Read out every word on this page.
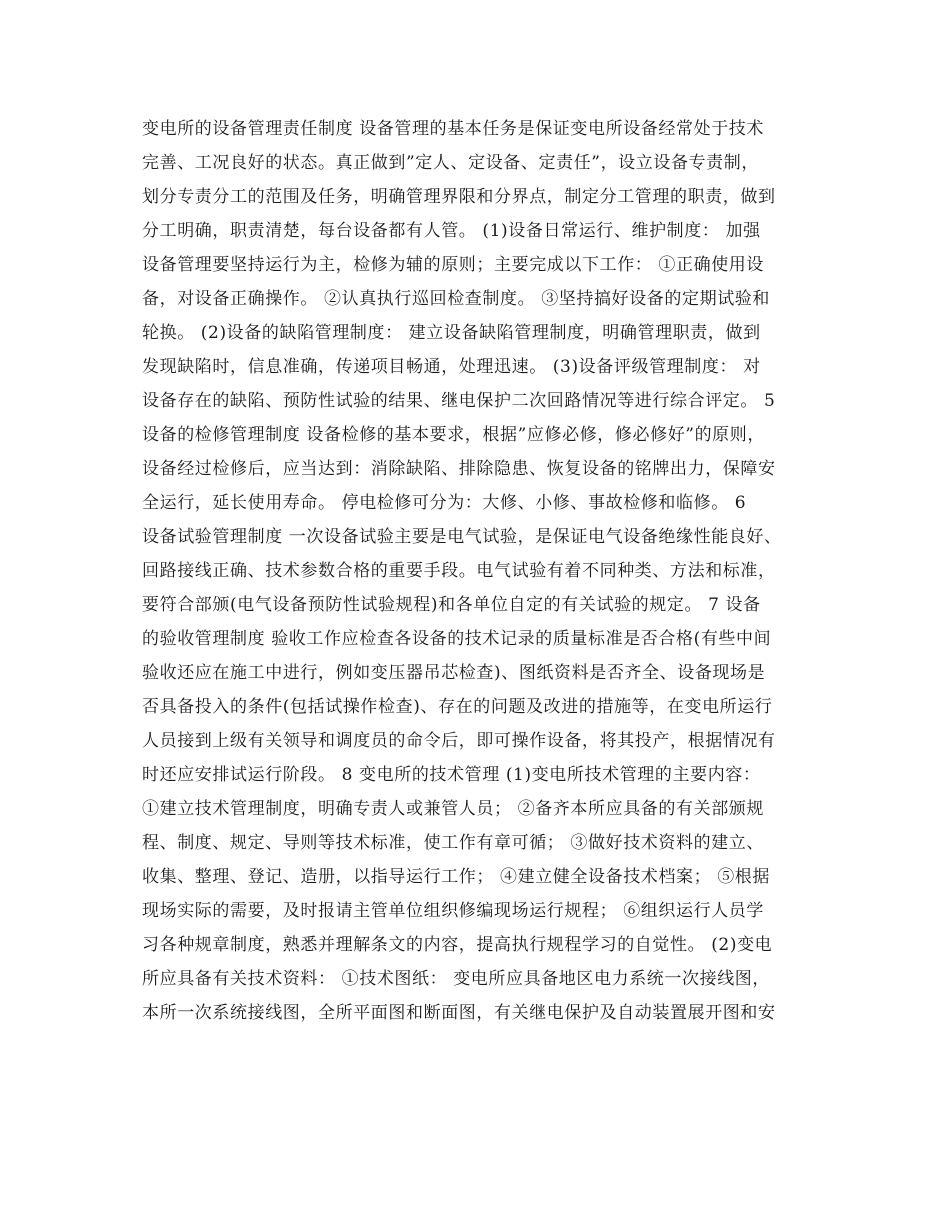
变电所的设备管理责任制度 设备管理的基本任务是保证变电所设备经常处于技术
完善、工况良好的状态。真正做到”定人、定设备、定责任”，设立设备专责制，
划分专责分工的范围及任务，明确管理界限和分界点，制定分工管理的职责，做到
分工明确，职责清楚，每台设备都有人管。 (1)设备日常运行、维护制度： 加强
设备管理要坚持运行为主，检修为辅的原则；主要完成以下工作： ①正确使用设
备，对设备正确操作。 ②认真执行巡回检查制度。 ③坚持搞好设备的定期试验和
轮换。 (2)设备的缺陷管理制度： 建立设备缺陷管理制度，明确管理职责，做到
发现缺陷时，信息准确，传递项目畅通，处理迅速。 (3)设备评级管理制度： 对
设备存在的缺陷、预防性试验的结果、继电保护二次回路情况等进行综合评定。 5
设备的检修管理制度 设备检修的基本要求，根据”应修必修，修必修好”的原则，
设备经过检修后，应当达到：消除缺陷、排除隐患、恢复设备的铭牌出力，保障安
全运行，延长使用寿命。 停电检修可分为：大修、小修、事故检修和临修。 6
设备试验管理制度 一次设备试验主要是电气试验，是保证电气设备绝缘性能良好、
回路接线正确、技术参数合格的重要手段。电气试验有着不同种类、方法和标准，
要符合部颁(电气设备预防性试验规程)和各单位自定的有关试验的规定。 7 设备
的验收管理制度 验收工作应检查各设备的技术记录的质量标准是否合格(有些中间
验收还应在施工中进行，例如变压器吊芯检查)、图纸资料是否齐全、设备现场是
否具备投入的条件(包括试操作检查)、存在的问题及改进的措施等，在变电所运行
人员接到上级有关领导和调度员的命令后，即可操作设备，将其投产，根据情况有
时还应安排试运行阶段。 8 变电所的技术管理 (1)变电所技术管理的主要内容：
①建立技术管理制度，明确专责人或兼管人员； ②备齐本所应具备的有关部颁规
程、制度、规定、导则等技术标准，使工作有章可循； ③做好技术资料的建立、
收集、整理、登记、造册，以指导运行工作； ④建立健全设备技术档案； ⑤根据
现场实际的需要，及时报请主管单位组织修编现场运行规程； ⑥组织运行人员学
习各种规章制度，熟悉并理解条文的内容，提高执行规程学习的自觉性。 (2)变电
所应具备有关技术资料： ①技术图纸： 变电所应具备地区电力系统一次接线图，
本所一次系统接线图，全所平面图和断面图，有关继电保护及自动装置展开图和安
